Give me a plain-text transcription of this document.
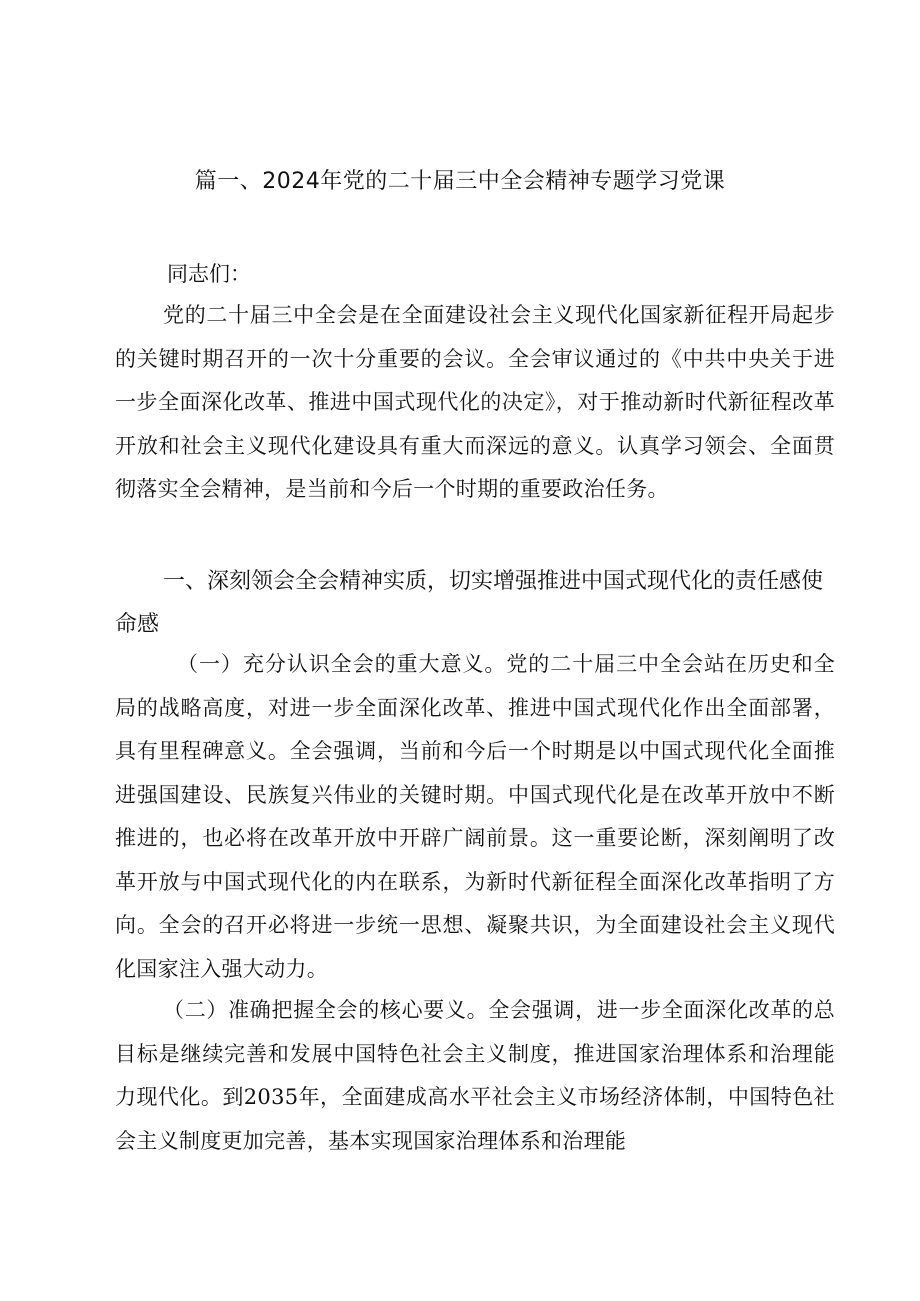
篇一、2024年党的二十届三中全会精神专题学习党课

同志们：

党的二十届三中全会是在全面建设社会主义现代化国家新征程开局起步的关键时期召开的一次十分重要的会议。全会审议通过的《中共中央关于进一步全面深化改革、推进中国式现代化的决定》，对于推动新时代新征程改革开放和社会主义现代化建设具有重大而深远的意义。认真学习领会、全面贯彻落实全会精神，是当前和今后一个时期的重要政治任务。

一、深刻领会全会精神实质，切实增强推进中国式现代化的责任感使命感

（一）充分认识全会的重大意义。党的二十届三中全会站在历史和全局的战略高度，对进一步全面深化改革、推进中国式现代化作出全面部署，具有里程碑意义。全会强调，当前和今后一个时期是以中国式现代化全面推进强国建设、民族复兴伟业的关键时期。中国式现代化是在改革开放中不断推进的，也必将在改革开放中开辟广阔前景。这一重要论断，深刻阐明了改革开放与中国式现代化的内在联系，为新时代新征程全面深化改革指明了方向。全会的召开必将进一步统一思想、凝聚共识，为全面建设社会主义现代化国家注入强大动力。

（二）准确把握全会的核心要义。全会强调，进一步全面深化改革的总目标是继续完善和发展中国特色社会主义制度，推进国家治理体系和治理能力现代化。到2035年，全面建成高水平社会主义市场经济体制，中国特色社会主义制度更加完善，基本实现国家治理体系和治理能
